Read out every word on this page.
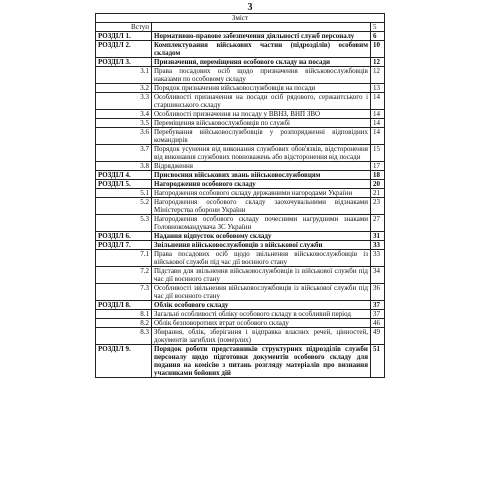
3
Зміст		
Вступ		5
РОЗДІЛ 1.	Нормативно-правове забезпечення діяльності служб персоналу	6
РОЗДІЛ 2.	Комплектування військових частин (підрозділів) особовим складом	10
РОЗДІЛ 3.	Призначення, переміщення особового складу на посади	12
3.1	Права посадових осіб щодо призначення військовослужбовців наказами по особовому складу	12
3.2	Порядок призначення військовослужбовців на посади	13
3.3	Особливості призначення на посади осіб рядового, сержантського і старшинського складу	14
3.4	Особливості призначення на посаду у ВВНЗ, ВНП ЗВО	14
3.5	Переміщення військовослужбовців по службі	14
3.6	Перебування військовослужбовців у розпорядженні відповідних командирів	14
3.7	Порядок усунення від виконання службових обов'язків, відсторонення від виконання службових повноважень або відсторонення від посади	15
3.8	Відрядження	17
РОЗДІЛ 4.	Присвоєння військових звань військовослужбовцям	18
РОЗДІЛ 5.	Нагородження особового складу	20
5.1	Нагородження особового складу державними нагородами України	21
5.2	Нагородження особового складу заохочувальними відзнаками Міністерства оборони України	23
5.3	Нагородження особового складу почесними нагрудними знаками Головнокомандувача ЗС України	27
РОЗДІЛ 6.	Надання відпусток особовому складу	31
РОЗДІЛ 7.	Звільнення військовослужбовців з військової служби	33
7.1	Права посадових осіб щодо звільнення військовослужбовців із військової служби під час дії воєнного стану	33
7.2	Підстави для звільнення військовослужбовців із військової служби під час дії воєнного стану	34
7.3	Особливості звільнення військовослужбовців із військової служби під час дії воєнного стану	36
РОЗДІЛ 8.	Облік особового складу	37
8.1	Загальні особливості обліку особового складу в особливий період	37
8.2	Облік безповоротних втрат особового складу	46
8.3	Збирання, облік, зберігання і відправка власних речей, цінностей, документів загиблих (померлих)	49
РОЗДІЛ 9.	Порядок роботи представників структурних підрозділів служби персоналу щодо підготовки документів особового складу для подання на комісію з питань розгляду матеріалів про визнання учасниками бойових дій	51
